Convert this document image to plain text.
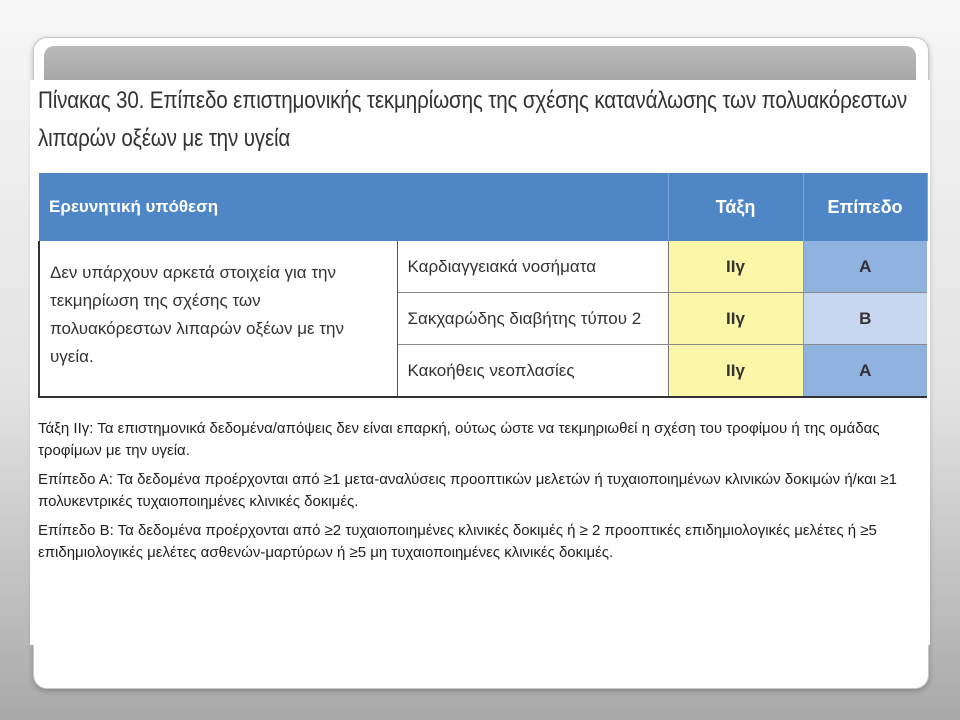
Πίνακας 30. Επίπεδο επιστημονικής τεκμηρίωσης της σχέσης κατανάλωσης των πολυακόρεστων λιπαρών οξέων με την υγεία
Ερευνητική υπόθεση		Τάξη	Επίπεδο
Δεν υπάρχουν αρκετά στοιχεία για την τεκμηρίωση της σχέσης των πολυακόρεστων λιπαρών οξέων με την υγεία.	Καρδιαγγειακά νοσήματα	IIγ	A
	Σακχαρώδης διαβήτης τύπου 2	IIγ	B
	Κακοήθεις νεοπλασίες	IIγ	A

Τάξη IIγ: Τα επιστημονικά δεδομένα/απόψεις δεν είναι επαρκή, ούτως ώστε να τεκμηριωθεί η σχέση του τροφίμου ή της ομάδας τροφίμων με την υγεία.

Επίπεδο Α: Τα δεδομένα προέρχονται από ≥1 μετα-αναλύσεις προοπτικών μελετών ή τυχαιοποιημένων κλινικών δοκιμών ή/και ≥1 πολυκεντρικές τυχαιοποιημένες κλινικές δοκιμές.

Επίπεδο Β: Τα δεδομένα προέρχονται από ≥2 τυχαιοποιημένες κλινικές δοκιμές ή ≥ 2 προοπτικές επιδημιολογικές μελέτες ή ≥5 επιδημιολογικές μελέτες ασθενών-μαρτύρων ή ≥5 μη τυχαιοποιημένες κλινικές δοκιμές.
